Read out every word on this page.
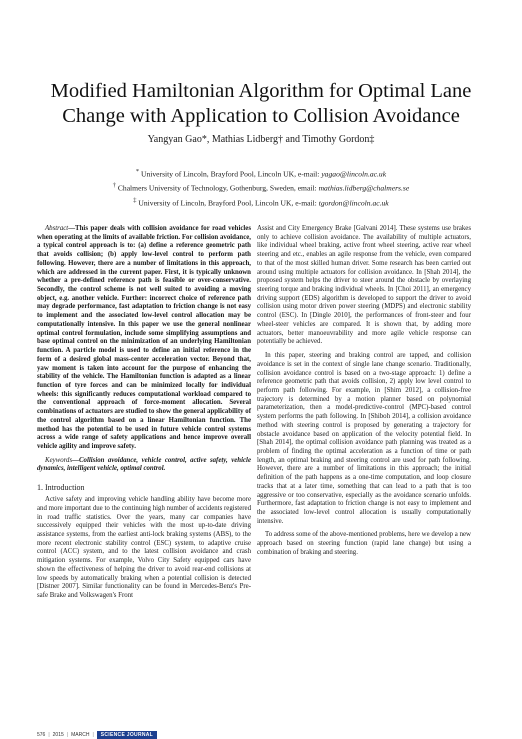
Modified Hamiltonian Algorithm for Optimal Lane Change with Application to Collision Avoidance
Yangyan Gao*, Mathias Lidberg† and Timothy Gordon‡
* University of Lincoln, Brayford Pool, Lincoln UK, e-mail: yagao@lincoln.ac.uk
† Chalmers University of Technology, Gothenburg, Sweden, email: mathias.lidberg@chalmers.se
‡ University of Lincoln, Brayford Pool, Lincoln UK, e-mail: tgordon@lincoln.ac.uk

Abstract—This paper deals with collision avoidance for road vehicles when operating at the limits of available friction. For collision avoidance, a typical control approach is to: (a) define a reference geometric path that avoids collision; (b) apply low-level control to perform path following. However, there are a number of limitations in this approach, which are addressed in the current paper. First, it is typically unknown whether a pre-defined reference path is feasible or over-conservative. Secondly, the control scheme is not well suited to avoiding a moving object, e.g. another vehicle. Further: incorrect choice of reference path may degrade performance, fast adaptation to friction change is not easy to implement and the associated low-level control allocation may be computationally intensive. In this paper we use the general nonlinear optimal control formulation, include some simplifying assumptions and base optimal control on the minimization of an underlying Hamiltonian function. A particle model is used to define an initial reference in the form of a desired global mass-center acceleration vector. Beyond that, yaw moment is taken into account for the purpose of enhancing the stability of the vehicle. The Hamiltonian function is adapted as a linear function of tyre forces and can be minimized locally for individual wheels: this significantly reduces computational workload compared to the conventional approach of force-moment allocation. Several combinations of actuators are studied to show the general applicability of the control algorithm based on a linear Hamiltonian function. The method has the potential to be used in future vehicle control systems across a wide range of safety applications and hence improve overall vehicle agility and improve safety.

Keywords—Collision avoidance, vehicle control, active safety, vehicle dynamics, intelligent vehicle, optimal control.

1. Introduction

Active safety and improving vehicle handling ability have become more and more important due to the continuing high number of accidents registered in road traffic statistics. Over the years, many car companies have successively equipped their vehicles with the most up-to-date driving assistance systems, from the earliest anti-lock braking systems (ABS), to the more recent electronic stability control (ESC) system, to adaptive cruise control (ACC) system, and to the latest collision avoidance and crash mitigation systems. For example, Volvo City Safety equipped cars have shown the effectiveness of helping the driver to avoid rear-end collisions at low speeds by automatically braking when a potential collision is detected [Distner 2007]. Similar functionality can be found in Mercedes-Benz's Pre-safe Brake and Volkswagen's Front

Assist and City Emergency Brake [Galvani 2014]. These systems use brakes only to achieve collision avoidance. The availability of multiple actuators, like individual wheel braking, active front wheel steering, active rear wheel steering and etc., enables an agile response from the vehicle, even compared to that of the most skilled human driver. Some research has been carried out around using multiple actuators for collision avoidance. In [Shah 2014], the proposed system helps the driver to steer around the obstacle by overlaying steering torque and braking individual wheels. In [Choi 2011], an emergency driving support (EDS) algorithm is developed to support the driver to avoid collision using motor driven power steering (MDPS) and electronic stability control (ESC). In [Dingle 2010], the performances of front-steer and four wheel-steer vehicles are compared. It is shown that, by adding more actuators, better manoeuvrability and more agile vehicle response can potentially be achieved.

In this paper, steering and braking control are tapped, and collision avoidance is set in the context of single lane change scenario. Traditionally, collision avoidance control is based on a two-stage approach: 1) define a reference geometric path that avoids collision, 2) apply low level control to perform path following. For example, in [Shim 2012], a collision-free trajectory is determined by a motion planner based on polynomial parameterization, then a model-predictive-control (MPC)-based control system performs the path following. In [Shiboh 2014], a collision avoidance method with steering control is proposed by generating a trajectory for obstacle avoidance based on application of the velocity potential field. In [Shah 2014], the optimal collision avoidance path planning was treated as a problem of finding the optimal acceleration as a function of time or path length, an optimal braking and steering control are used for path following. However, there are a number of limitations in this approach; the initial definition of the path happens as a one-time computation, and loop closure tracks that at a later time, something that can lead to a path that is too aggressive or too conservative, especially as the avoidance scenario unfolds. Furthermore, fast adaptation to friction change is not easy to implement and the associated low-level control allocation is usually computationally intensive.

To address some of the above-mentioned problems, here we develop a new approach based on steering function (rapid lane change) but using a combination of braking and steering.

576 | 2015 | MARCH |	SCIENCE JOURNAL
